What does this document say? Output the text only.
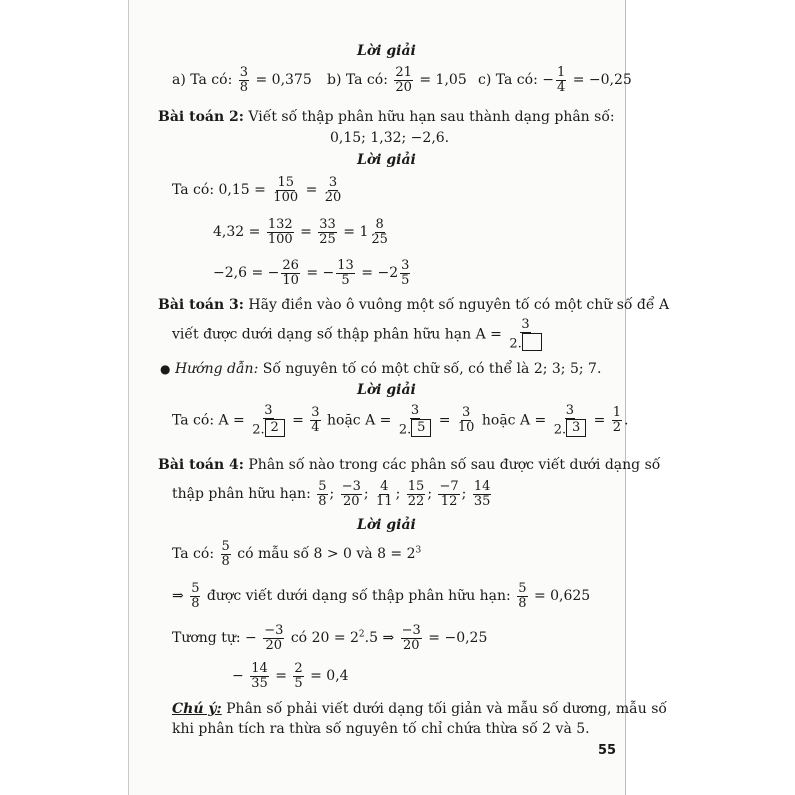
Lời giải
a) Ta có: $\frac{3}{8} = 0,375$ b) Ta có: $\frac{21}{20} = 1,05$ c) Ta có: − $\frac{1}{4} = -0,25$
Bài toán 2: Viết số thập phân hữu hạn sau thành dạng phân số:
0,15; 1,32; −2,6.
Lời giải
Ta có: $0,15 = \frac{15}{100} = \frac{3}{20}$
$4,32 = \frac{132}{100} = \frac{33}{25} = 1 \frac{8}{25}$
−2,6 = − $\frac{26}{10}$ = − $\frac{13}{5} = -2 \frac{3}{5}$
Bài toán 3: Hãy điền vào ô vuông một số nguyên tố có một chữ số để A
viết được dưới dạng số thập phân hữu hạn $A = \frac{3}{2.}$
● Hướng dẫn: Số nguyên tố có một chữ số, có thể là 2; 3; 5; 7.
Lời giải
Ta có: $A = \frac{3}{2. 2} = \frac{3}{4}$ hoặc $A = \frac{3}{2. 5} = \frac{3}{10}$ hoặc $A = \frac{3}{2. 3} = \frac{1}{2}$ .
Bài toán 4: Phân số nào trong các phân số sau được viết dưới dạng số
thập phân hữu hạn: $\frac{5}{8}$ ; $\frac{-3}{20}$ ; $\frac{4}{11}$ ; $\frac{15}{22}$ ; $\frac{-7}{12}$ ; $\frac{14}{35}$
Lời giải
Ta có: $\frac{5}{8}$ có mẫu số 8 > 0 và $8 = 2^3$
⇒ $\frac{5}{8}$ được viết dưới dạng số thập phân hữu hạn: $\frac{5}{8} = 0,625$
Tương tự: − $\frac{-3}{20}$ có $20 = 2^2.5$ ⇒ $\frac{-3}{20} = -0,25$
− $\frac{14}{35} = \frac{2}{5} = 0,4$
Chú ý: Phân số phải viết dưới dạng tối giản và mẫu số dương, mẫu số
khi phân tích ra thừa số nguyên tố chỉ chứa thừa số 2 và 5.
55
